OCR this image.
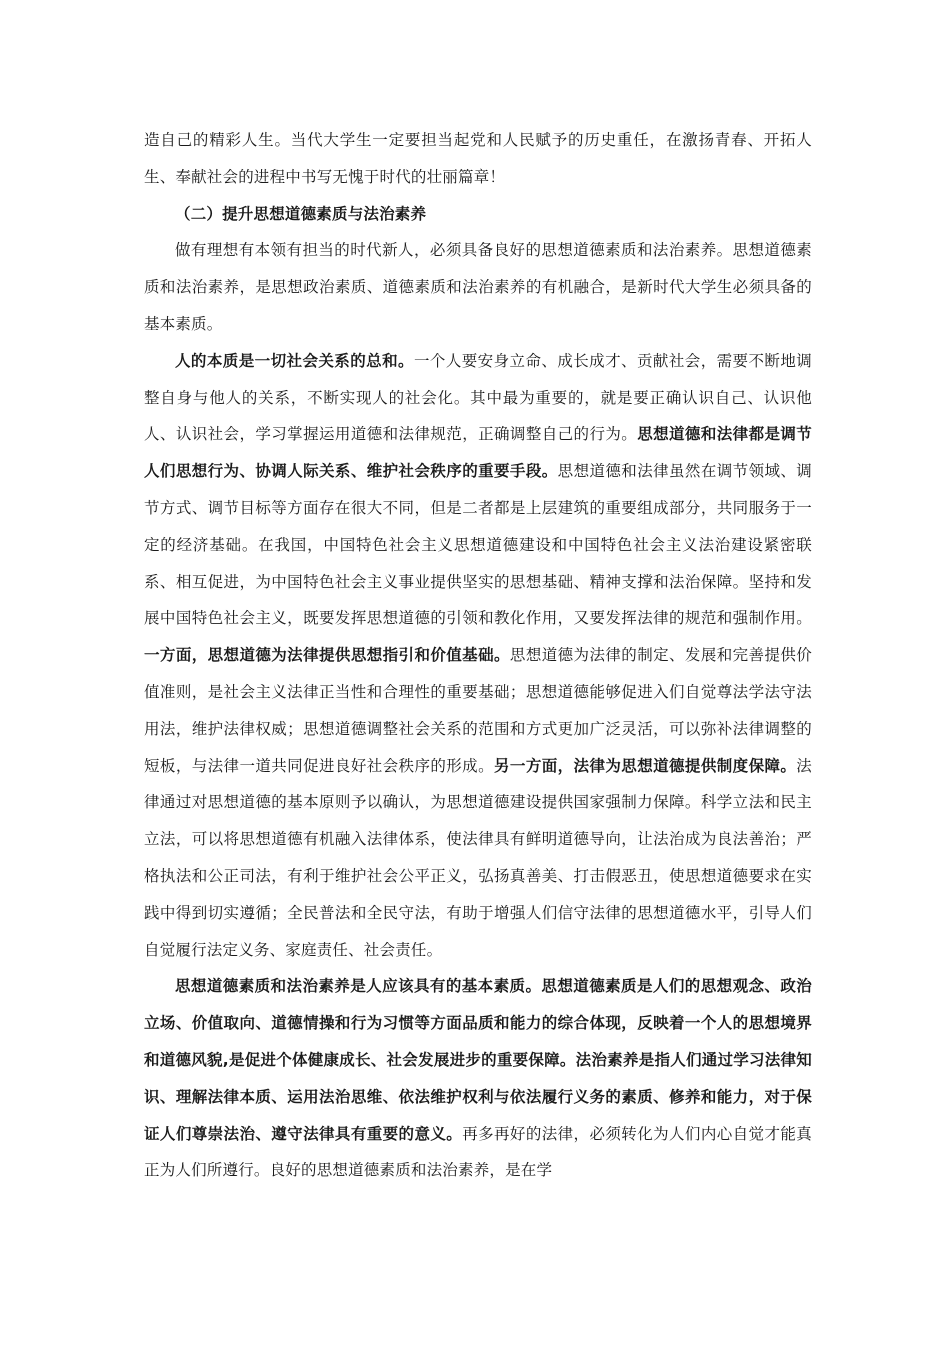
造自己的精彩人生。当代大学生一定要担当起党和人民赋予的历史重任，在激扬青春、开拓人生、奉献社会的进程中书写无愧于时代的壮丽篇章！

（二）提升思想道德素质与法治素养

做有理想有本领有担当的时代新人，必须具备良好的思想道德素质和法治素养。思想道德素质和法治素养，是思想政治素质、道德素质和法治素养的有机融合，是新时代大学生必须具备的基本素质。

人的本质是一切社会关系的总和。一个人要安身立命、成长成才、贡献社会，需要不断地调整自身与他人的关系，不断实现人的社会化。其中最为重要的，就是要正确认识自己、认识他人、认识社会，学习掌握运用道德和法律规范，正确调整自己的行为。思想道德和法律都是调节人们思想行为、协调人际关系、维护社会秩序的重要手段。思想道德和法律虽然在调节领域、调节方式、调节目标等方面存在很大不同，但是二者都是上层建筑的重要组成部分，共同服务于一定的经济基础。在我国，中国特色社会主义思想道德建设和中国特色社会主义法治建设紧密联系、相互促进，为中国特色社会主义事业提供坚实的思想基础、精神支撑和法治保障。坚持和发展中国特色社会主义，既要发挥思想道德的引领和教化作用，又要发挥法律的规范和强制作用。一方面，思想道德为法律提供思想指引和价值基础。思想道德为法律的制定、发展和完善提供价值准则，是社会主义法律正当性和合理性的重要基础；思想道德能够促进入们自觉尊法学法守法用法，维护法律权威；思想道德调整社会关系的范围和方式更加广泛灵活，可以弥补法律调整的短板，与法律一道共同促进良好社会秩序的形成。另一方面，法律为思想道德提供制度保障。法律通过对思想道德的基本原则予以确认，为思想道德建设提供国家强制力保障。科学立法和民主立法，可以将思想道德有机融入法律体系，使法律具有鲜明道德导向，让法治成为良法善治；严格执法和公正司法，有利于维护社会公平正义，弘扬真善美、打击假恶丑，使思想道德要求在实践中得到切实遵循；全民普法和全民守法，有助于增强人们信守法律的思想道德水平，引导人们自觉履行法定义务、家庭责任、社会责任。

思想道德素质和法治素养是人应该具有的基本素质。思想道德素质是人们的思想观念、政治立场、价值取向、道德情操和行为习惯等方面品质和能力的综合体现，反映着一个人的思想境界和道德风貌,是促进个体健康成长、社会发展进步的重要保障。法治素养是指人们通过学习法律知识、理解法律本质、运用法治思维、依法维护权利与依法履行义务的素质、修养和能力，对于保证人们尊崇法治、遵守法律具有重要的意义。再多再好的法律，必须转化为人们内心自觉才能真正为人们所遵行。良好的思想道德素质和法治素养，是在学
